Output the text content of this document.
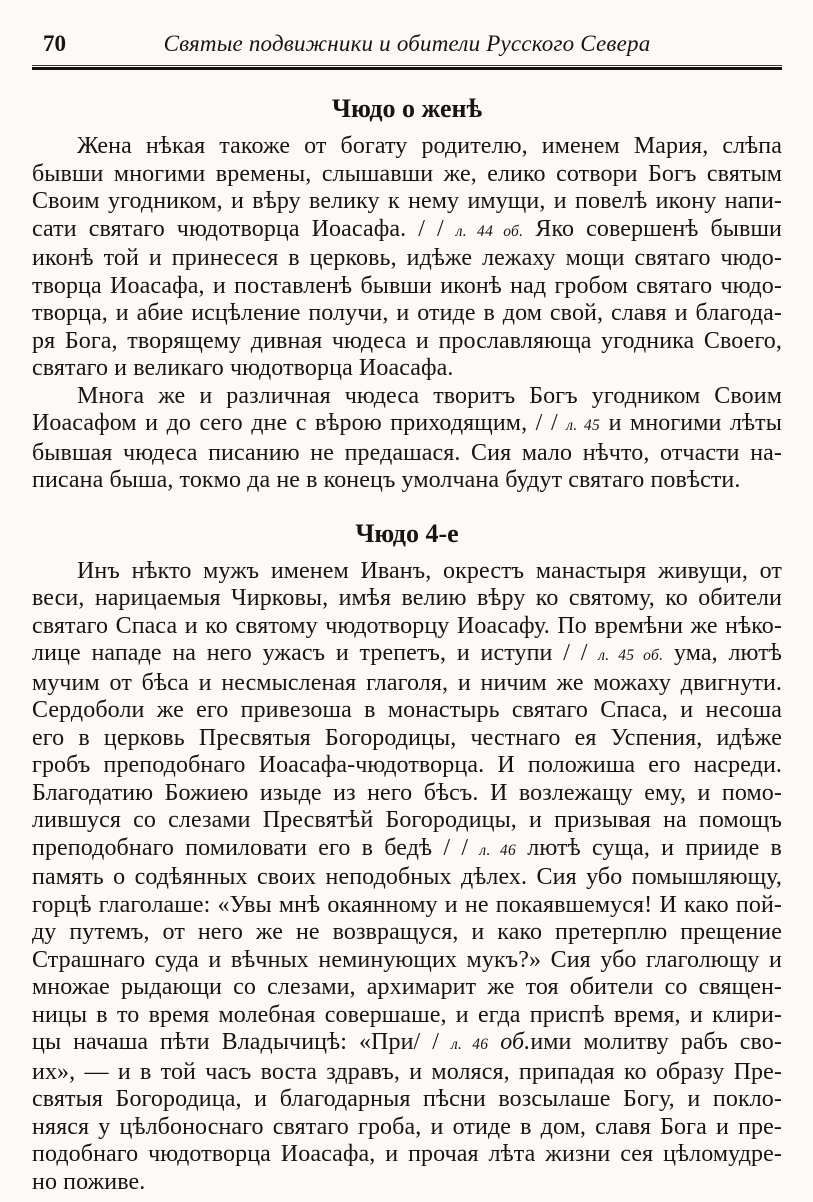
70	Святые подвижники и обители Русского Севера
Чюдо о женѣ
Жена нѣкая такоже от богату родителю, именем Мария, слѣпа
бывши многими времены, слышавши же, елико сотвори Богъ святым
Своим угодником, и вѣру велику к нему имущи, и повелѣ икону напи-
сати святаго чюдотворца Иоасафа. / / л. 44 об. Яко совершенѣ бывши
иконѣ той и принесеся в церковь, идѣже лежаху мощи святаго чюдо-
творца Иоасафа, и поставленѣ бывши иконѣ над гробом святаго чюдо-
творца, и абие исцѣление получи, и отиде в дом свой, славя и благода-
ря Бога, творящему дивная чюдеса и прославляюща угодника Своего,
святаго и великаго чюдотворца Иоасафа.
Многа же и различная чюдеса творитъ Богъ угодником Своим
Иоасафом и до сего дне с вѣрою приходящим, / / л. 45 и многими лѣты
бывшая чюдеса писанию не предашася. Сия мало нѣчто, отчасти на-
писана быша, токмо да не в конецъ умолчана будут святаго повѣсти.
Чюдо 4-е
Инъ нѣкто мужъ именем Иванъ, окрестъ манастыря живущи, от
веси, нарицаемыя Чирковы, имѣя велию вѣру ко святому, ко обители
святаго Спаса и ко святому чюдотворцу Иоасафу. По времѣни же нѣко-
лице нападе на него ужасъ и трепетъ, и иступи / / л. 45 об. ума, лютѣ
мучим от бѣса и несмысленая глаголя, и ничим же можаху двигнути.
Сердоболи же его привезоша в монастырь святаго Спаса, и несоша
его в церковь Пресвятыя Богородицы, честнаго ея Успения, идѣже
гробъ преподобнаго Иоасафа-чюдотворца. И положиша его насреди.
Благодатию Божиею изыде из него бѣсъ. И возлежащу ему, и помо-
лившуся со слезами Пресвятѣй Богородицы, и призывая на помощъ
преподобнаго помиловати его в бедѣ / / л. 46 лютѣ суща, и прииде в
память о содѣянных своих неподобных дѣлех. Сия убо помышляющу,
горцѣ глаголаше: «Увы мнѣ окаянному и не покаявшемуся! И како пой-
ду путемъ, от него же не возвращуся, и како претерплю прещение
Страшнаго суда и вѣчных неминующих мукъ?» Сия убо глаголющу и
множае рыдающи со слезами, архимарит же тоя обители со священ-
ницы в то время молебная совершаше, и егда приспѣ время, и клири-
цы начаша пѣти Владычицѣ: «При/ / л. 46 об.ими молитву рабъ сво-
их», — и в той часъ воста здравъ, и моляся, припадая ко образу Пре-
святыя Богородица, и благодарныя пѣсни возсылаше Богу, и покло-
няяся у цѣлбоноснаго святаго гроба, и отиде в дом, славя Бога и пре-
подобнаго чюдотворца Иоасафа, и прочая лѣта жизни сея цѣломудре-
но поживе.
